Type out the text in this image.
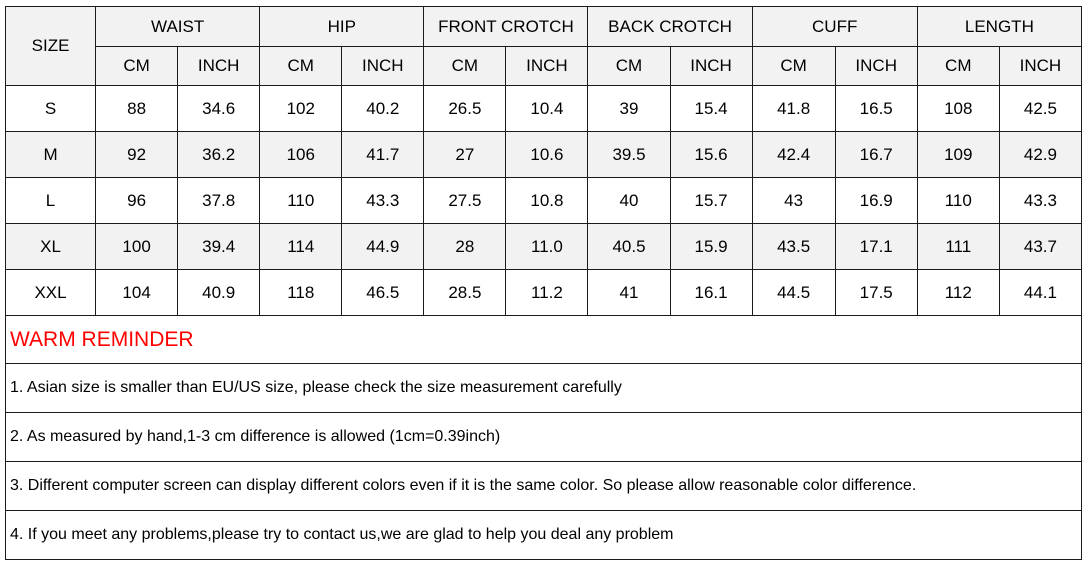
SIZE	WAIST		HIP		FRONT CROTCH		BACK CROTCH		CUFF		LENGTH	
	CM	INCH	CM	INCH	CM	INCH	CM	INCH	CM	INCH	CM	INCH
S	88	34.6	102	40.2	26.5	10.4	39	15.4	41.8	16.5	108	42.5
M	92	36.2	106	41.7	27	10.6	39.5	15.6	42.4	16.7	109	42.9
L	96	37.8	110	43.3	27.5	10.8	40	15.7	43	16.9	110	43.3
XL	100	39.4	114	44.9	28	11.0	40.5	15.9	43.5	17.1	111	43.7
XXL	104	40.9	118	46.5	28.5	11.2	41	16.1	44.5	17.5	112	44.1
WARM REMINDER
1. Asian size is smaller than EU/US size, please check the size measurement carefully
2. As measured by hand,1-3 cm difference is allowed (1cm=0.39inch)
3. Different computer screen can display different colors even if it is the same color. So please allow reasonable color difference.
4. If you meet any problems,please try to contact us,we are glad to help you deal any problem
